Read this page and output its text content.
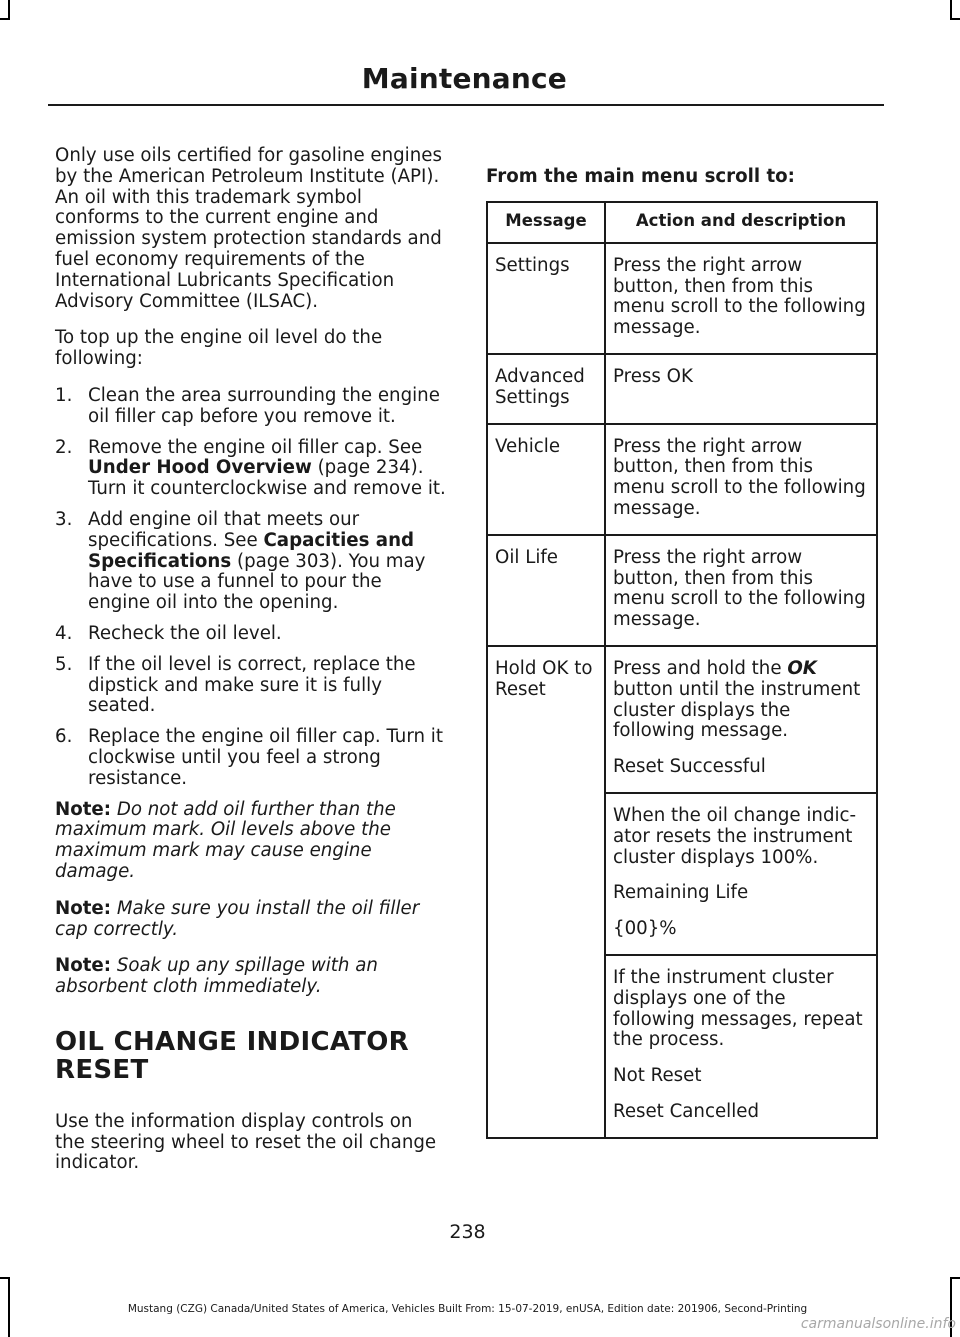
Maintenance

Only use oils certified for gasoline engines by the American Petroleum Institute (API). An oil with this trademark symbol conforms to the current engine and emission system protection standards and fuel economy requirements of the International Lubricants Specification Advisory Committee (ILSAC).

To top up the engine oil level do the following:

1. Clean the area surrounding the engine oil filler cap before you remove it.
2. Remove the engine oil filler cap. See Under Hood Overview (page 234). Turn it counterclockwise and remove it.
3. Add engine oil that meets our specifications. See Capacities and Specifications (page 303). You may have to use a funnel to pour the engine oil into the opening.
4. Recheck the oil level.
5. If the oil level is correct, replace the dipstick and make sure it is fully seated.
6. Replace the engine oil filler cap. Turn it clockwise until you feel a strong resistance.

Note: Do not add oil further than the maximum mark. Oil levels above the maximum mark may cause engine damage.

Note: Make sure you install the oil filler cap correctly.

Note: Soak up any spillage with an absorbent cloth immediately.

OIL CHANGE INDICATOR RESET

Use the information display controls on the steering wheel to reset the oil change indicator.

From the main menu scroll to:
Message	Action and description
Settings	Press the right arrow button, then from this menu scroll to the following message.

Advanced Settings	Press OK

Vehicle	Press the right arrow button, then from this menu scroll to the following message.

Oil Life	Press the right arrow button, then from this menu scroll to the following message.

Hold OK to Reset	Press and hold the OK button until the instrument cluster displays the following message.

Reset Successful

	When the oil change indic-ator resets the instrument cluster displays 100%.

Remaining Life

{00}%

	If the instrument cluster displays one of the following messages, repeat the process.

Not Reset

Reset Cancelled

238
Mustang (CZG) Canada/United States of America, Vehicles Built From: 15-07-2019, enUSA, Edition date: 201906, Second-Printing
carmanualsonline.info
